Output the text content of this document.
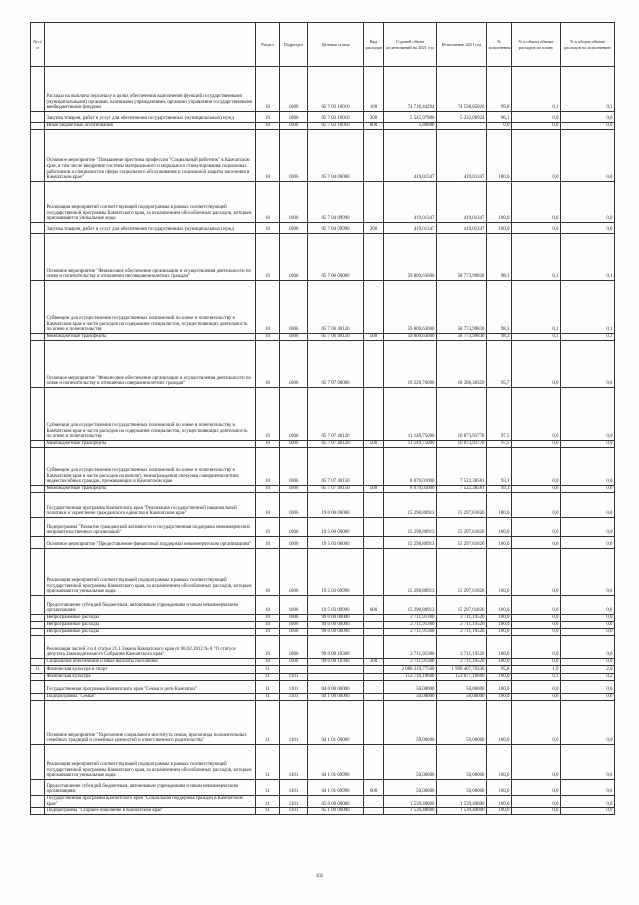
№ п/п		Раздел	Подраздел	Целевая статья	Вид расходов	Годовой объем ассигнований на 2021 год	Исполнение 2021 год	% исполнения	% в общем объеме расходов по плану	% в общем объеме расходов по исполнению
	Расходы на выплаты персоналу в целях обеспечения выполнения функций государственными (муниципальными) органами, казенными учреждениями, органами управления государственными внебюджетными фондами	10	1006	05 7 03 10010	100	74 716,44294	74 538,85026	99,8	0,1	0,1
	Закупка товаров, работ и услуг для обеспечения государственных (муниципальных) нужд	10	1006	05 7 03 10010	200	5 545,97900	5 332,06924	96,1	0,0	0,0
	Иные бюджетные ассигнования	10	1006	05 7 03 10010	800	5,80000		0,0	0,0	0,0
	Основное мероприятие "Повышение престижа профессии "Социальный работник" в Камчатском крае, в том числе внедрение системы материального и морального стимулирования социальных работников и специалистов сферы социального обслуживания и социальной защиты населения в Камчатском крае"	10	1006	05 7 04 00000		419,01347	419,01347	100,0	0,0	0,0
	Реализация мероприятий соответствующей подпрограммы в рамках соответствующей государственной программы Камчатского края, за исключением обособленных расходов, которым присваиваются уникальные коды	10	1006	05 7 04 09990		419,01347	419,01347	100,0	0,0	0,0
	Закупка товаров, работ и услуг для обеспечения государственных (муниципальных) нужд	10	1006	05 7 04 09990	200	419,01347	419,01347	100,0	0,0	0,0
	Основное мероприятие "Финансовое обеспечение организации и осуществления деятельности по опеке и попечительству в отношении несовершеннолетних граждан"	10	1006	05 7 06 00000		59 809,63000	58 773,99830	98,3	0,1	0,1
	Субвенции для осуществления государственных полномочий по опеке и попечительству в Камчатском крае в части расходов на содержание специалистов, осуществляющих деятельность по опеке и попечительству	10	1006	05 7 06 40120		59 809,63000	58 773,99830	98,3	0,1	0,1
	Межбюджетные трансферты	10	1006	05 7 06 40120	500	59 809,63000	58 773,99830	98,3	0,1	0,1
	Основное мероприятие "Финансовое обеспечение организации и осуществления деятельности по опеке и попечительству в отношении совершеннолетних граждан"	10	1006	05 7 07 00000		19 228,76000	18 396,30359	95,7	0,0	0,0
	Субвенции для осуществления государственных полномочий по опеке и попечительству в Камчатском крае в части расходов на содержание специалистов, осуществляющих деятельность по опеке и попечительству	10	1006	05 7 07 40120		11 149,75000	10 873,91778	97,5	0,0	0,0
	Межбюджетные трансферты	10	1006	05 7 07 40120	500	11 149,75000	10 873,91778	97,5	0,0	0,0
	Субвенции для осуществления государственных полномочий по опеке и попечительству в Камчатском крае в части расходов на выплату вознаграждения опекунам совершеннолетних недееспособных граждан, проживающих в Камчатском крае	10	1006	05 7 07 40150		8 079,01000	7 522,38581	93,1	0,0	0,0
	Межбюджетные трансферты	10	1006	05 7 07 40150	500	8 079,01000	7 522,38581	93,1	0,0	0,0
	Государственная программа Камчатского края "Реализация государственной национальной политики и укрепление гражданского единства в Камчатском крае"	10	1006	19 0 00 00000		15 298,80913	15 297,61826	100,0	0,0	0,0
	Подпрограмма "Развитие гражданской активности и государственная поддержка некоммерческих неправительственных организаций"	10	1006	19 5 00 00000		15 298,80913	15 297,61826	100,0	0,0	0,0
	Основное мероприятие "Предоставление финансовой поддержки некоммерческим организациям"	10	1006	19 5 03 00000		15 298,80913	15 297,61826	100,0	0,0	0,0
	Реализация мероприятий соответствующей подпрограммы в рамках соответствующей государственной программы Камчатского края, за исключением обособленных расходов, которым присваиваются уникальные коды	10	1006	19 5 03 09990		15 298,80913	15 297,61826	100,0	0,0	0,0
	Предоставление субсидий бюджетным, автономным учреждениям и иным некоммерческим организациям	10	1006	19 5 03 09990	600	15 298,80913	15 297,61826	100,0	0,0	0,0
	Непрограммные расходы	10	1006	99 0 00 00000		2 711,91300	2 711,19526	100,0	0,0	0,0
	Непрограммные расходы	10	1006	99 0 00 00000		2 711,91300	2 711,19526	100,0	0,0	0,0
	Непрограммные расходы	10	1006	99 0 00 00000		2 711,91300	2 711,19526	100,0	0,0	0,0
	Реализация частей 3 и 4 статьи 21.1 Закона Камчатского края от 08.02.2012 № 8 "О статусе депутата Законодательного Собрания Камчатского края"	10	1006	99 0 00 10300		2 711,91300	2 711,19526	100,0	0,0	0,0
	Социальное обеспечение и иные выплаты населению	10	1006	99 0 00 10300	300	2 711,91300	2 711,19526	100,0	0,0	0,0
11	Физическая культура и спорт	11				2 086 319,77500	1 999 467,79336	95,8	1,9	2,0
	Физическая культура	11	1101			153 710,19600	153 677,19600	100,0	0,1	0,2
	Государственная программа Камчатского края "Семья и дети Камчатки"	11	1101	04 0 00 00000		50,00000	50,00000	100,0	0,0	0,0
	Подпрограмма "Семья"	11	1101	04 1 00 00000		50,00000	50,00000	100,0	0,0	0,0
	Основное мероприятие "Укрепление социального института семьи, пропаганда положительных семейных традиций и семейных ценностей и ответственного родительства"	11	1101	04 1 01 00000		50,00000	50,00000	100,0	0,0	0,0
	Реализация мероприятий соответствующей подпрограммы в рамках соответствующей государственной программы Камчатского края, за исключением обособленных расходов, которым присваиваются уникальные коды	11	1101	04 1 01 09990		50,00000	50,00000	100,0	0,0	0,0
	Предоставление субсидий бюджетным, автономным учреждениям и иным некоммерческим организациям	11	1101	04 1 01 09990	600	50,00000	50,00000	100,0	0,0	0,0
	Государственная программа Камчатского края "Социальная поддержка граждан в Камчатском крае"	11	1101	05 0 00 00000		1 539,40000	1 539,40000	100,0	0,0	0,0
	Подпрограмма "Старшее поколение в Камчатском крае"	11	1101	05 1 00 00000		1 539,40000	1 539,40000	100,0	0,0	0,0
102
